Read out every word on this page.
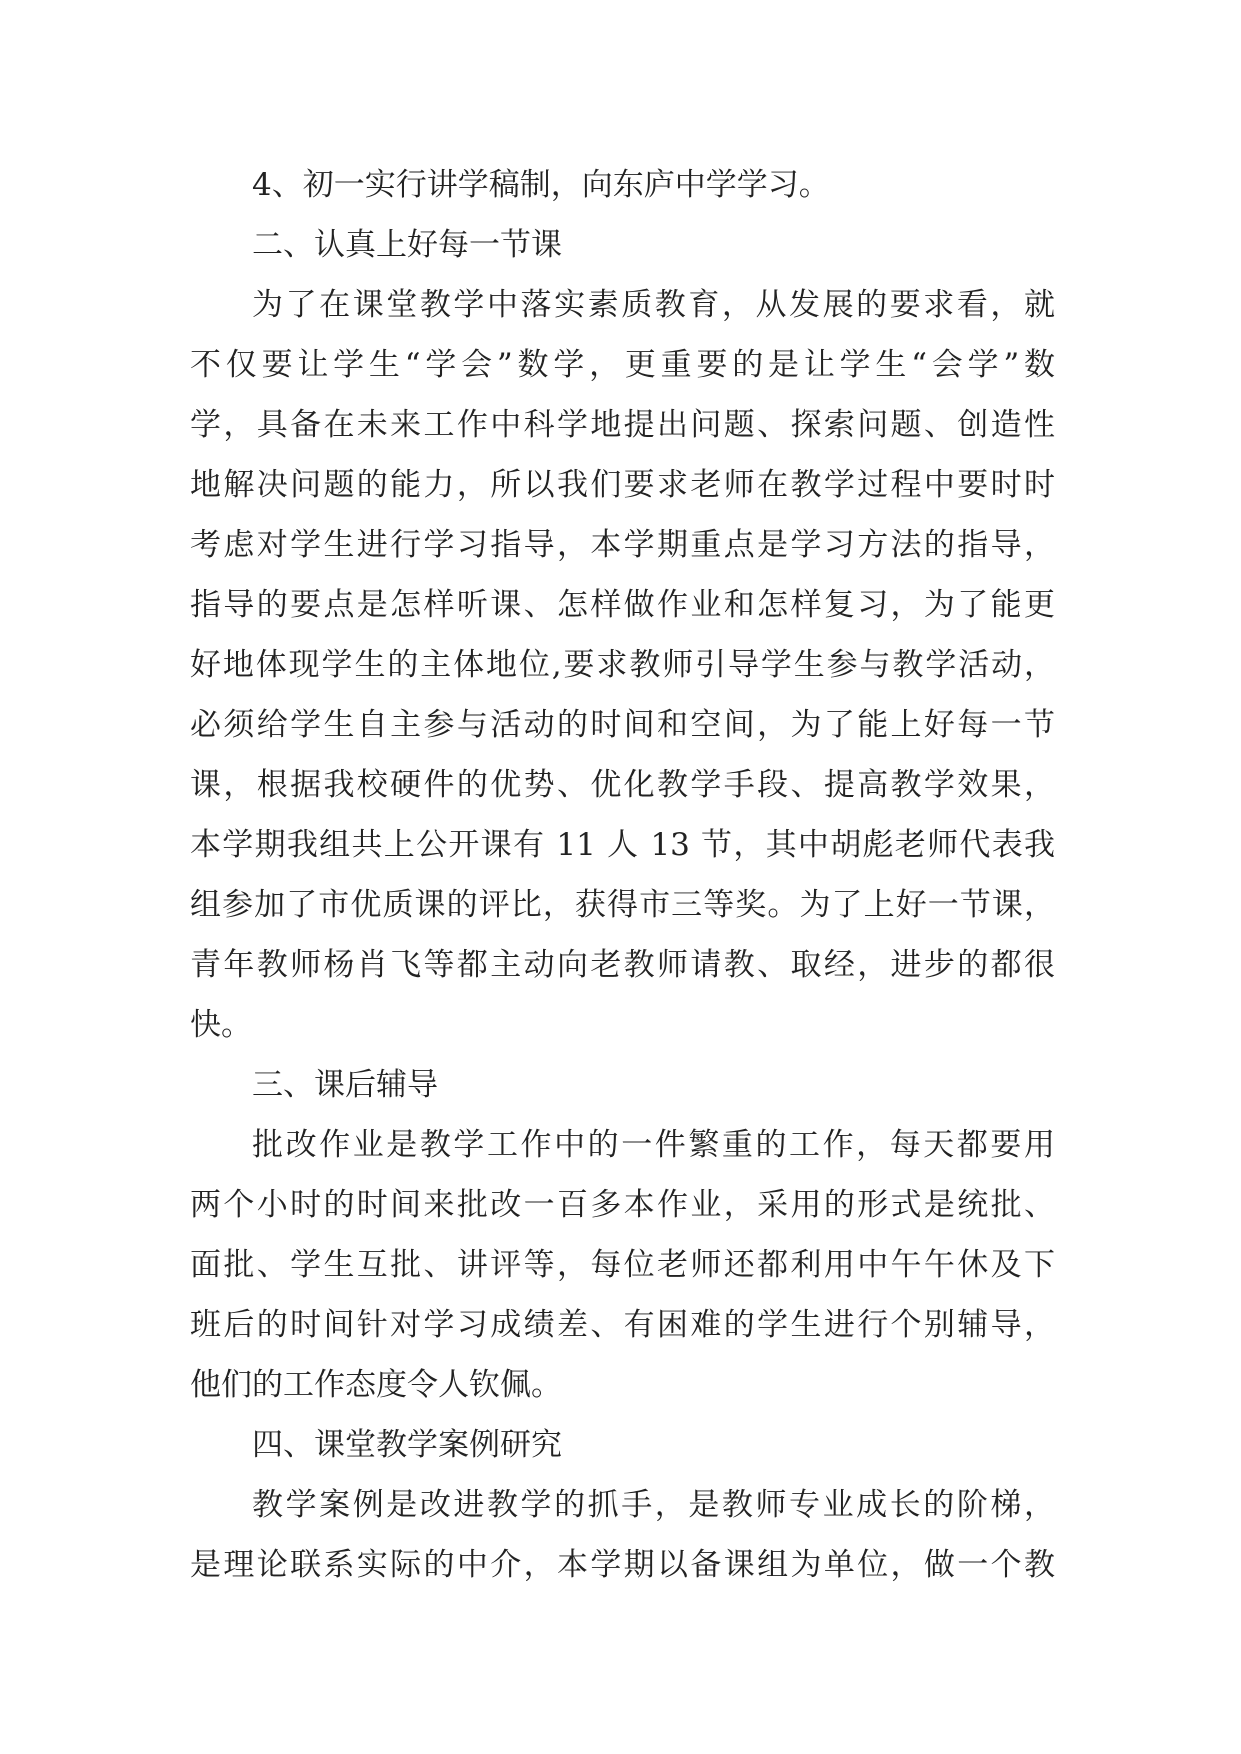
4、初一实行讲学稿制，向东庐中学学习。
二、认真上好每一节课
为了在课堂教学中落实素质教育，从发展的要求看，就
不仅要让学生“学会”数学，更重要的是让学生“会学”数
学，具备在未来工作中科学地提出问题、探索问题、创造性
地解决问题的能力，所以我们要求老师在教学过程中要时时
考虑对学生进行学习指导，本学期重点是学习方法的指导，
指导的要点是怎样听课、怎样做作业和怎样复习，为了能更
好地体现学生的主体地位,要求教师引导学生参与教学活动，
必须给学生自主参与活动的时间和空间，为了能上好每一节
课，根据我校硬件的优势、优化教学手段、提高教学效果，
本学期我组共上公开课有 11 人 13 节，其中胡彪老师代表我
组参加了市优质课的评比，获得市三等奖。为了上好一节课，
青年教师杨肖飞等都主动向老教师请教、取经，进步的都很
快。
三、课后辅导
批改作业是教学工作中的一件繁重的工作，每天都要用
两个小时的时间来批改一百多本作业，采用的形式是统批、
面批、学生互批、讲评等，每位老师还都利用中午午休及下
班后的时间针对学习成绩差、有困难的学生进行个别辅导，
他们的工作态度令人钦佩。
四、课堂教学案例研究
教学案例是改进教学的抓手，是教师专业成长的阶梯，
是理论联系实际的中介，本学期以备课组为单位，做一个教
